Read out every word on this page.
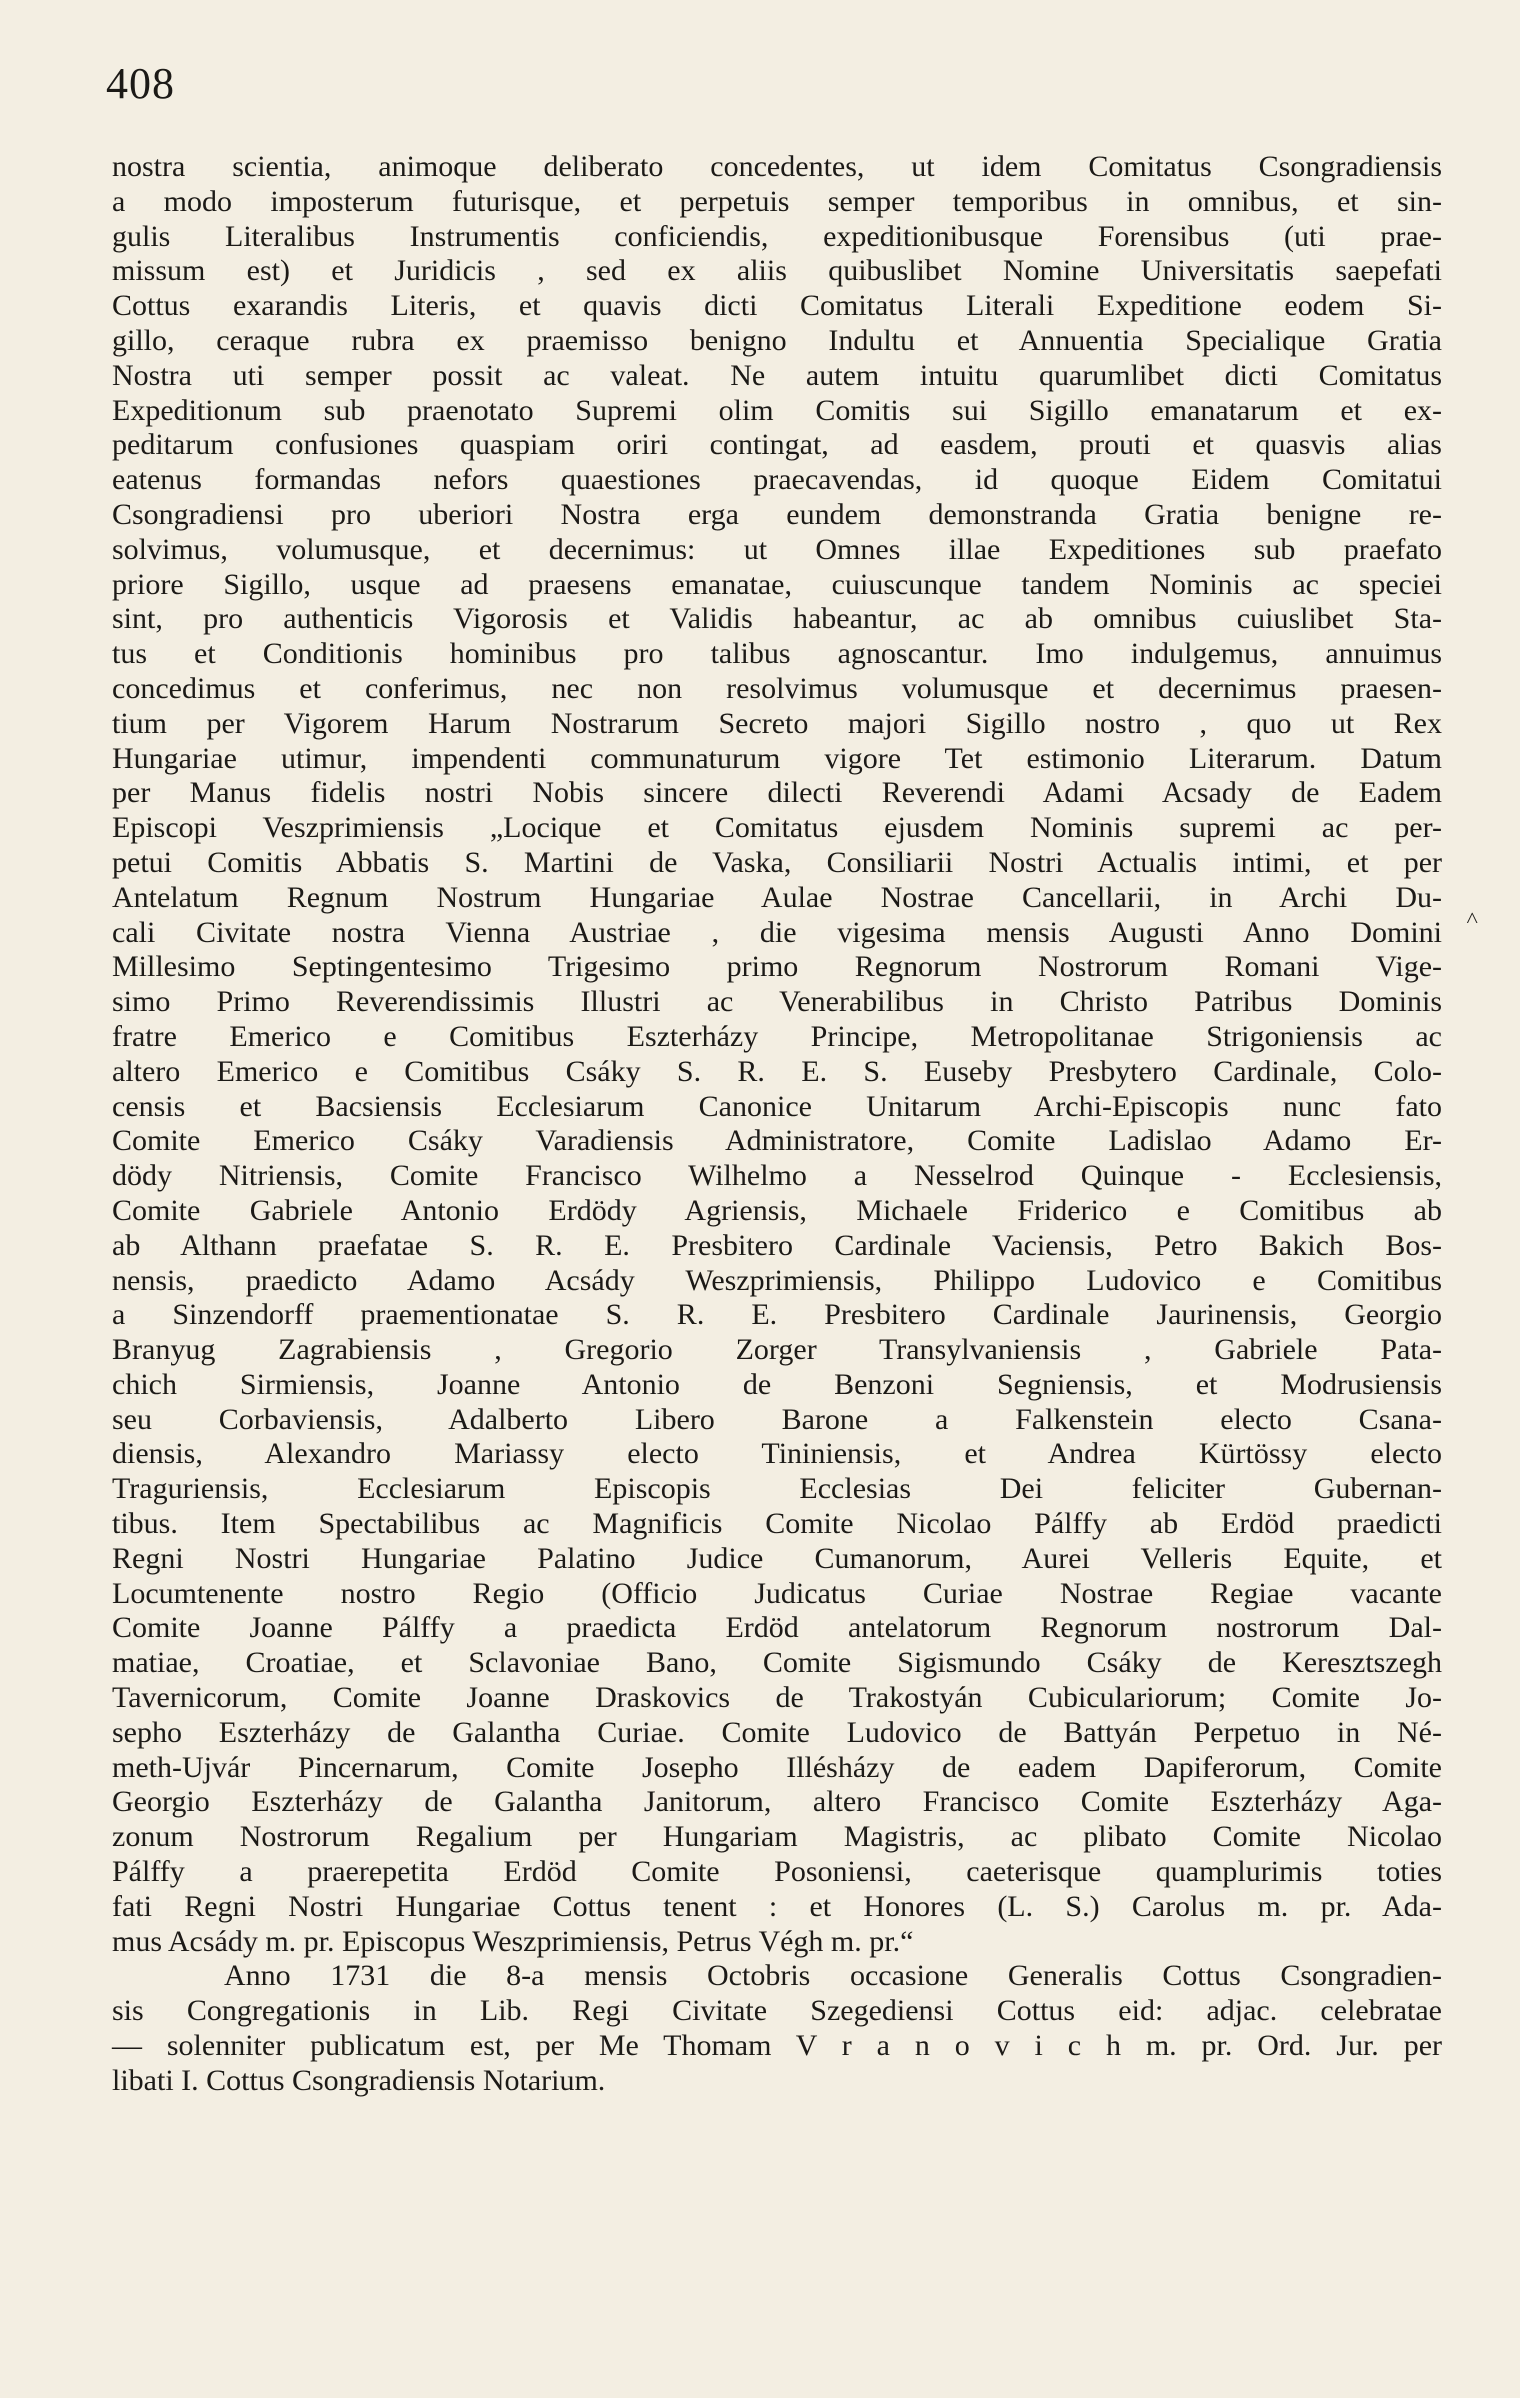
408
˄
nostra scientia, animoque deliberato concedentes, ut idem Comitatus Csongradiensis
a modo imposterum futurisque, et perpetuis semper temporibus in omnibus, et sin-
gulis Literalibus Instrumentis conficiendis, expeditionibusque Forensibus (uti prae-
missum est) et Juridicis , sed ex aliis quibuslibet Nomine Universitatis saepefati
Cottus exarandis Literis, et quavis dicti Comitatus Literali Expeditione eodem Si-
gillo, ceraque rubra ex praemisso benigno Indultu et Annuentia Specialique Gratia
Nostra uti semper possit ac valeat. Ne autem intuitu quarumlibet dicti Comitatus
Expeditionum sub praenotato Supremi olim Comitis sui Sigillo emanatarum et ex-
peditarum confusiones quaspiam oriri contingat, ad easdem, prouti et quasvis alias
eatenus formandas nefors quaestiones praecavendas, id quoque Eidem Comitatui
Csongradiensi pro uberiori Nostra erga eundem demonstranda Gratia benigne re-
solvimus, volumusque, et decernimus: ut Omnes illae Expeditiones sub praefato
priore Sigillo, usque ad praesens emanatae, cuiuscunque tandem Nominis ac speciei
sint, pro authenticis Vigorosis et Validis habeantur, ac ab omnibus cuiuslibet Sta-
tus et Conditionis hominibus pro talibus agnoscantur. Imo indulgemus, annuimus
concedimus et conferimus, nec non resolvimus volumusque et decernimus praesen-
tium per Vigorem Harum Nostrarum Secreto majori Sigillo nostro , quo ut Rex
Hungariae utimur, impendenti communaturum vigore Tet estimonio Literarum. Datum
per Manus fidelis nostri Nobis sincere dilecti Reverendi Adami Acsady de Eadem
Episcopi Veszprimiensis „Locique et Comitatus ejusdem Nominis supremi ac per-
petui Comitis Abbatis S. Martini de Vaska, Consiliarii Nostri Actualis intimi, et per
Antelatum Regnum Nostrum Hungariae Aulae Nostrae Cancellarii, in Archi Du-
cali Civitate nostra Vienna Austriae , die vigesima mensis Augusti Anno Domini
Millesimo Septingentesimo Trigesimo primo Regnorum Nostrorum Romani Vige-
simo Primo Reverendissimis Illustri ac Venerabilibus in Christo Patribus Dominis
fratre Emerico e Comitibus Eszterházy Principe, Metropolitanae Strigoniensis ac
altero Emerico e Comitibus Csáky S. R. E. S. Euseby Presbytero Cardinale, Colo-
censis et Bacsiensis Ecclesiarum Canonice Unitarum Archi-Episcopis nunc fato
Comite Emerico Csáky Varadiensis Administratore, Comite Ladislao Adamo Er-
dödy Nitriensis, Comite Francisco Wilhelmo a Nesselrod Quinque - Ecclesiensis,
Comite Gabriele Antonio Erdödy Agriensis, Michaele Friderico e Comitibus ab
ab Althann praefatae S. R. E. Presbitero Cardinale Vaciensis, Petro Bakich Bos-
nensis, praedicto Adamo Acsády Weszprimiensis, Philippo Ludovico e Comitibus
a Sinzendorff praementionatae S. R. E. Presbitero Cardinale Jaurinensis, Georgio
Branyug Zagrabiensis , Gregorio Zorger Transylvaniensis , Gabriele Pata-
chich Sirmiensis, Joanne Antonio de Benzoni Segniensis, et Modrusiensis
seu Corbaviensis, Adalberto Libero Barone a Falkenstein electo Csana-
diensis, Alexandro Mariassy electo Tininiensis, et Andrea Kürtössy electo
Traguriensis, Ecclesiarum Episcopis Ecclesias Dei feliciter Gubernan-
tibus. Item Spectabilibus ac Magnificis Comite Nicolao Pálffy ab Erdöd praedicti
Regni Nostri Hungariae Palatino Judice Cumanorum, Aurei Velleris Equite, et
Locumtenente nostro Regio (Officio Judicatus Curiae Nostrae Regiae vacante
Comite Joanne Pálffy a praedicta Erdöd antelatorum Regnorum nostrorum Dal-
matiae, Croatiae, et Sclavoniae Bano, Comite Sigismundo Csáky de Keresztszegh
Tavernicorum, Comite Joanne Draskovics de Trakostyán Cubiculariorum; Comite Jo-
sepho Eszterházy de Galantha Curiae. Comite Ludovico de Battyán Perpetuo in Né-
meth-Ujvár Pincernarum, Comite Josepho Illésházy de eadem Dapiferorum, Comite
Georgio Eszterházy de Galantha Janitorum, altero Francisco Comite Eszterházy Aga-
zonum Nostrorum Regalium per Hungariam Magistris, ac plibato Comite Nicolao
Pálffy a praerepetita Erdöd Comite Posoniensi, caeterisque quamplurimis toties
fati Regni Nostri Hungariae Cottus tenent : et Honores (L. S.) Carolus m. pr. Ada-
mus Acsády m. pr. Episcopus Weszprimiensis, Petrus Végh m. pr.“
Anno 1731 die 8-a mensis Octobris occasione Generalis Cottus Csongradien-
sis Congregationis in Lib. Regi Civitate Szegediensi Cottus eid: adjac. celebratae
— solenniter publicatum est, per Me Thomam V r a n o v i c h m. pr. Ord. Jur. per
libati I. Cottus Csongradiensis Notarium.
